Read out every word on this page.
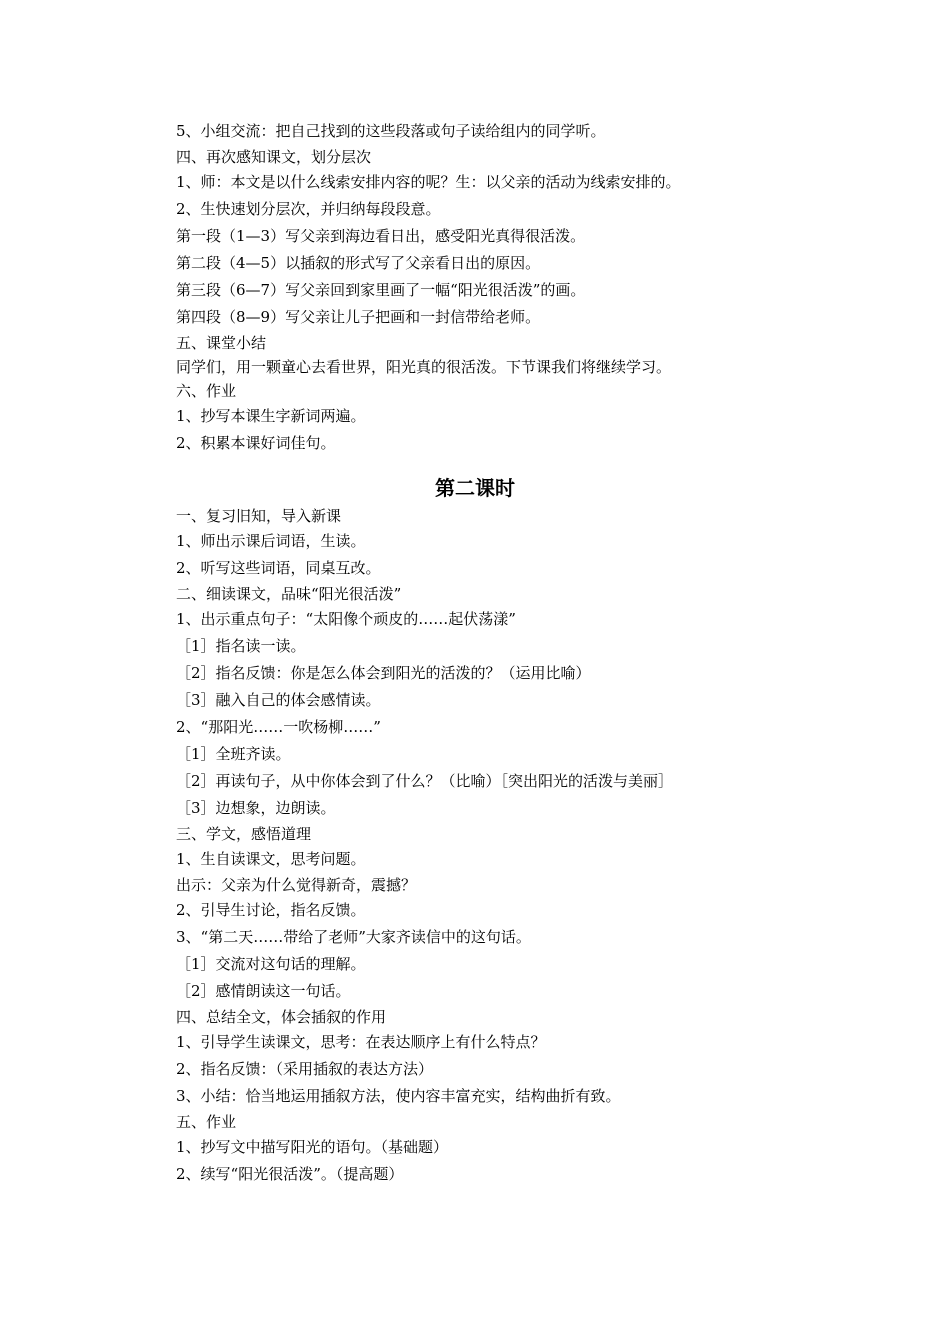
5、小组交流：把自己找到的这些段落或句子读给组内的同学听。
四、再次感知课文，划分层次
1、师：本文是以什么线索安排内容的呢？生：以父亲的活动为线索安排的。
2、生快速划分层次，并归纳每段段意。
第一段（1—3）写父亲到海边看日出，感受阳光真得很活泼。
第二段（4—5）以插叙的形式写了父亲看日出的原因。
第三段（6—7）写父亲回到家里画了一幅“阳光很活泼”的画。
第四段（8—9）写父亲让儿子把画和一封信带给老师。
五、课堂小结
同学们，用一颗童心去看世界，阳光真的很活泼。下节课我们将继续学习。
六、作业
1、抄写本课生字新词两遍。
2、积累本课好词佳句。
第二课时
一、复习旧知，导入新课
1、师出示课后词语，生读。
2、听写这些词语，同桌互改。
二、细读课文，品味“阳光很活泼”
1、出示重点句子：“太阳像个顽皮的……起伏荡漾”
［1］指名读一读。
［2］指名反馈：你是怎么体会到阳光的活泼的？（运用比喻）
［3］融入自己的体会感情读。
2、“那阳光……一吹杨柳……”
［1］全班齐读。
［2］再读句子，从中你体会到了什么？（比喻）［突出阳光的活泼与美丽］
［3］边想象，边朗读。
三、学文，感悟道理
1、生自读课文，思考问题。
出示：父亲为什么觉得新奇，震撼？
2、引导生讨论，指名反馈。
3、“第二天……带给了老师”大家齐读信中的这句话。
［1］交流对这句话的理解。
［2］感情朗读这一句话。
四、总结全文，体会插叙的作用
1、引导学生读课文，思考：在表达顺序上有什么特点？
2、指名反馈：（采用插叙的表达方法）
3、小结：恰当地运用插叙方法，使内容丰富充实，结构曲折有致。
五、作业
1、抄写文中描写阳光的语句。（基础题）
2、续写“阳光很活泼”。（提高题）
